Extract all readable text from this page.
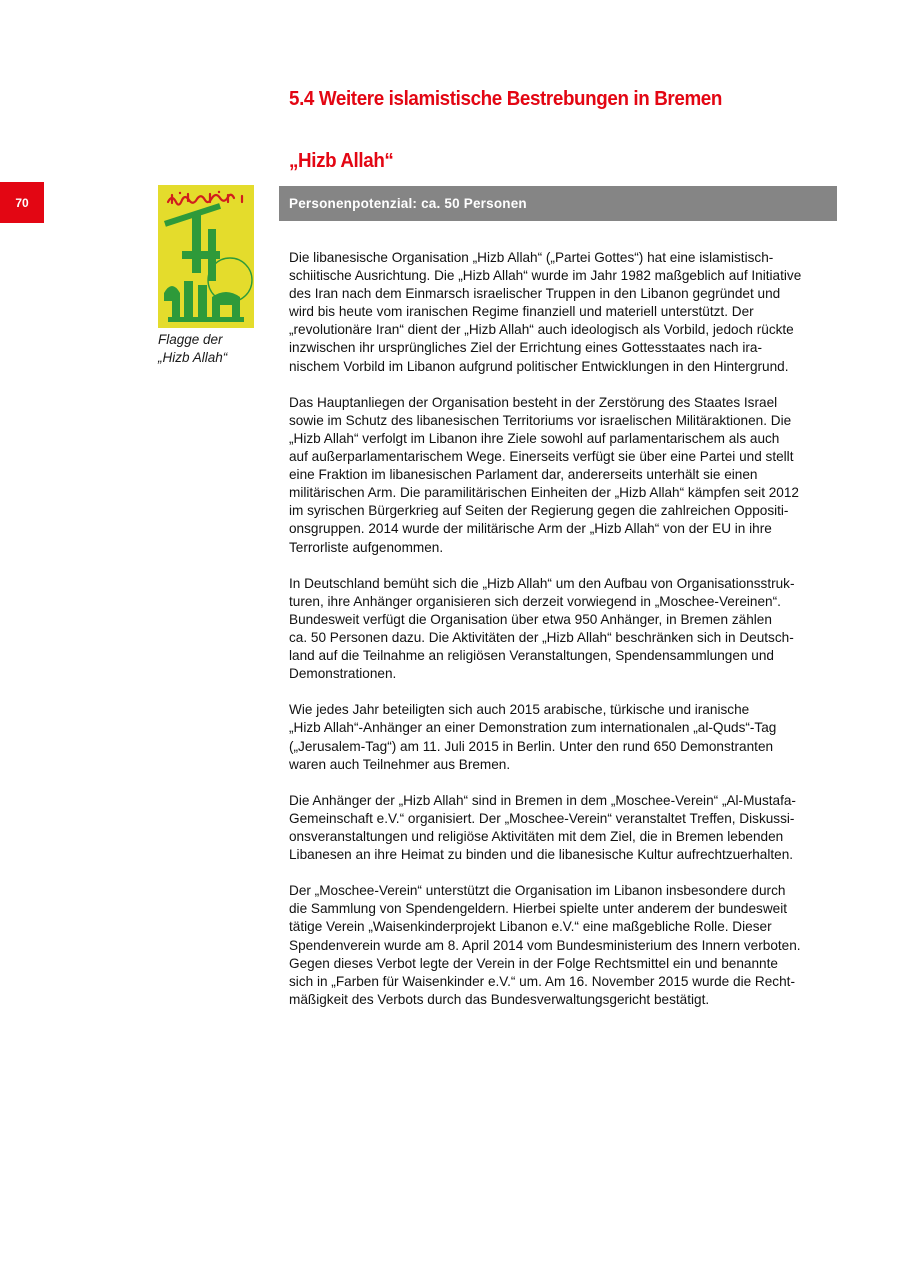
70
5.4 Weitere islamistische Bestrebungen in Bremen
„Hizb Allah“
Personenpotenzial: ca. 50 Personen
Flagge der
„Hizb Allah“

Die libanesische Organisation „Hizb Allah“ („Partei Gottes“) hat eine islamistisch-
schiitische Ausrichtung. Die „Hizb Allah“ wurde im Jahr 1982 maßgeblich auf Initiative
des Iran nach dem Einmarsch israelischer Truppen in den Libanon gegründet und
wird bis heute vom iranischen Regime finanziell und materiell unterstützt. Der
„revolutionäre Iran“ dient der „Hizb Allah“ auch ideologisch als Vorbild, jedoch rückte
inzwischen ihr ursprüngliches Ziel der Errichtung eines Gottesstaates nach ira-
nischem Vorbild im Libanon aufgrund politischer Entwicklungen in den Hintergrund.

Das Hauptanliegen der Organisation besteht in der Zerstörung des Staates Israel
sowie im Schutz des libanesischen Territoriums vor israelischen Militäraktionen. Die
„Hizb Allah“ verfolgt im Libanon ihre Ziele sowohl auf parlamentarischem als auch
auf außerparlamentarischem Wege. Einerseits verfügt sie über eine Partei und stellt
eine Fraktion im libanesischen Parlament dar, andererseits unterhält sie einen
militärischen Arm. Die paramilitärischen Einheiten der „Hizb Allah“ kämpfen seit 2012
im syrischen Bürgerkrieg auf Seiten der Regierung gegen die zahlreichen Oppositi-
onsgruppen. 2014 wurde der militärische Arm der „Hizb Allah“ von der EU in ihre
Terrorliste aufgenommen.

In Deutschland bemüht sich die „Hizb Allah“ um den Aufbau von Organisationsstruk-
turen, ihre Anhänger organisieren sich derzeit vorwiegend in „Moschee-Vereinen“.
Bundesweit verfügt die Organisation über etwa 950 Anhänger, in Bremen zählen
ca. 50 Personen dazu. Die Aktivitäten der „Hizb Allah“ beschränken sich in Deutsch-
land auf die Teilnahme an religiösen Veranstaltungen, Spendensammlungen und
Demonstrationen.

Wie jedes Jahr beteiligten sich auch 2015 arabische, türkische und iranische
„Hizb Allah“-Anhänger an einer Demonstration zum internationalen „al-Quds“-Tag
(„Jerusalem-Tag“) am 11. Juli 2015 in Berlin. Unter den rund 650 Demonstranten
waren auch Teilnehmer aus Bremen.

Die Anhänger der „Hizb Allah“ sind in Bremen in dem „Moschee-Verein“ „Al-Mustafa-
Gemeinschaft e.V.“ organisiert. Der „Moschee-Verein“ veranstaltet Treffen, Diskussi-
onsveranstaltungen und religiöse Aktivitäten mit dem Ziel, die in Bremen lebenden
Libanesen an ihre Heimat zu binden und die libanesische Kultur aufrechtzuerhalten.

Der „Moschee-Verein“ unterstützt die Organisation im Libanon insbesondere durch
die Sammlung von Spendengeldern. Hierbei spielte unter anderem der bundesweit
tätige Verein „Waisenkinderprojekt Libanon e.V.“ eine maßgebliche Rolle. Dieser
Spendenverein wurde am 8. April 2014 vom Bundesministerium des Innern verboten.
Gegen dieses Verbot legte der Verein in der Folge Rechtsmittel ein und benannte
sich in „Farben für Waisenkinder e.V.“ um. Am 16. November 2015 wurde die Recht-
mäßigkeit des Verbots durch das Bundesverwaltungsgericht bestätigt.
